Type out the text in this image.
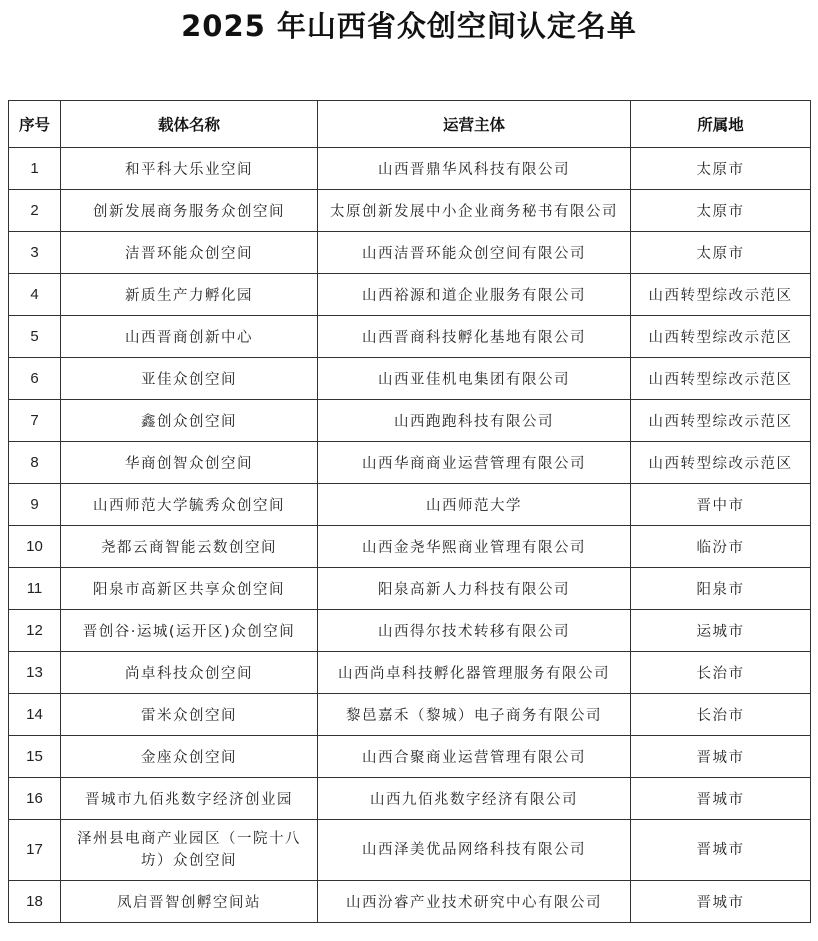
2025 年山西省众创空间认定名单
序号	载体名称	运营主体	所属地
1	和平科大乐业空间	山西晋鼎华风科技有限公司	太原市
2	创新发展商务服务众创空间	太原创新发展中小企业商务秘书有限公司	太原市
3	洁晋环能众创空间	山西洁晋环能众创空间有限公司	太原市
4	新质生产力孵化园	山西裕源和道企业服务有限公司	山西转型综改示范区
5	山西晋商创新中心	山西晋商科技孵化基地有限公司	山西转型综改示范区
6	亚佳众创空间	山西亚佳机电集团有限公司	山西转型综改示范区
7	鑫创众创空间	山西跑跑科技有限公司	山西转型综改示范区
8	华商创智众创空间	山西华商商业运营管理有限公司	山西转型综改示范区
9	山西师范大学毓秀众创空间	山西师范大学	晋中市
10	尧都云商智能云数创空间	山西金尧华熙商业管理有限公司	临汾市
11	阳泉市高新区共享众创空间	阳泉高新人力科技有限公司	阳泉市
12	晋创谷·运城(运开区)众创空间	山西得尔技术转移有限公司	运城市
13	尚卓科技众创空间	山西尚卓科技孵化器管理服务有限公司	长治市
14	雷米众创空间	黎邑嘉禾（黎城）电子商务有限公司	长治市
15	金座众创空间	山西合聚商业运营管理有限公司	晋城市
16	晋城市九佰兆数字经济创业园	山西九佰兆数字经济有限公司	晋城市
17	泽州县电商产业园区（一院十八坊）众创空间	山西泽美优品网络科技有限公司	晋城市
18	凤启晋智创孵空间站	山西汾睿产业技术研究中心有限公司	晋城市
